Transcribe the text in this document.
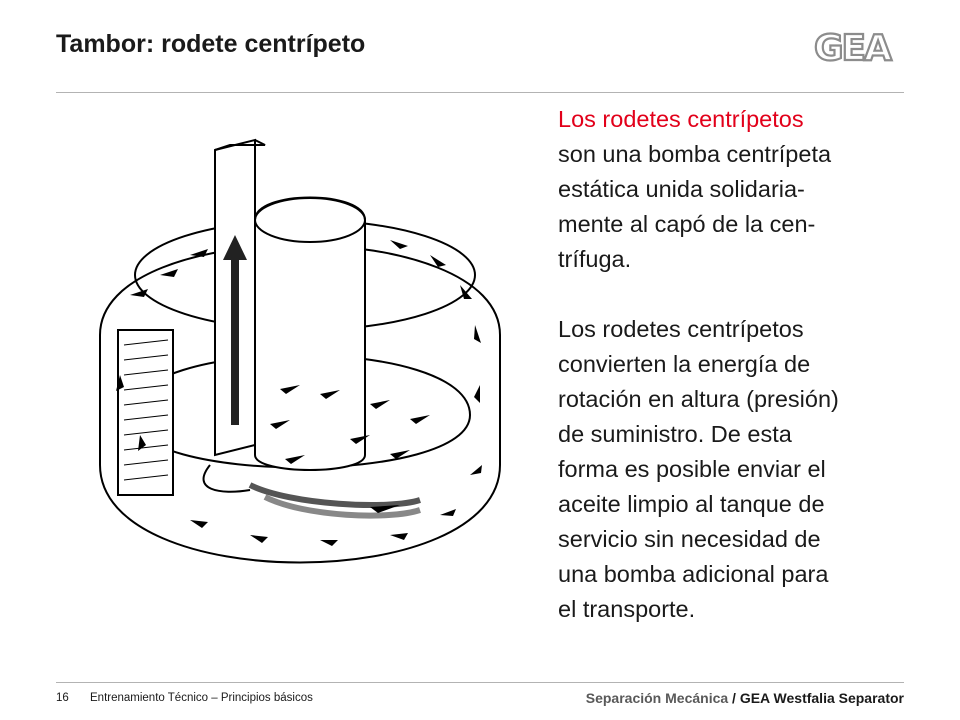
Tambor: rodete centrípeto	GEA

Los rodetes centrípetos
son una bomba centrípeta
estática unida solidaria-
mente al capó de la cen-
trífuga.

Los rodetes centrípetos
convierten la energía de
rotación en altura (presión)
de suministro. De esta
forma es posible enviar el
aceite limpio al tanque de
servicio sin necesidad de
una bomba adicional para
el transporte.

16 Entrenamiento Técnico – Principios básicos	Separación Mecánica / GEA Westfalia Separator
